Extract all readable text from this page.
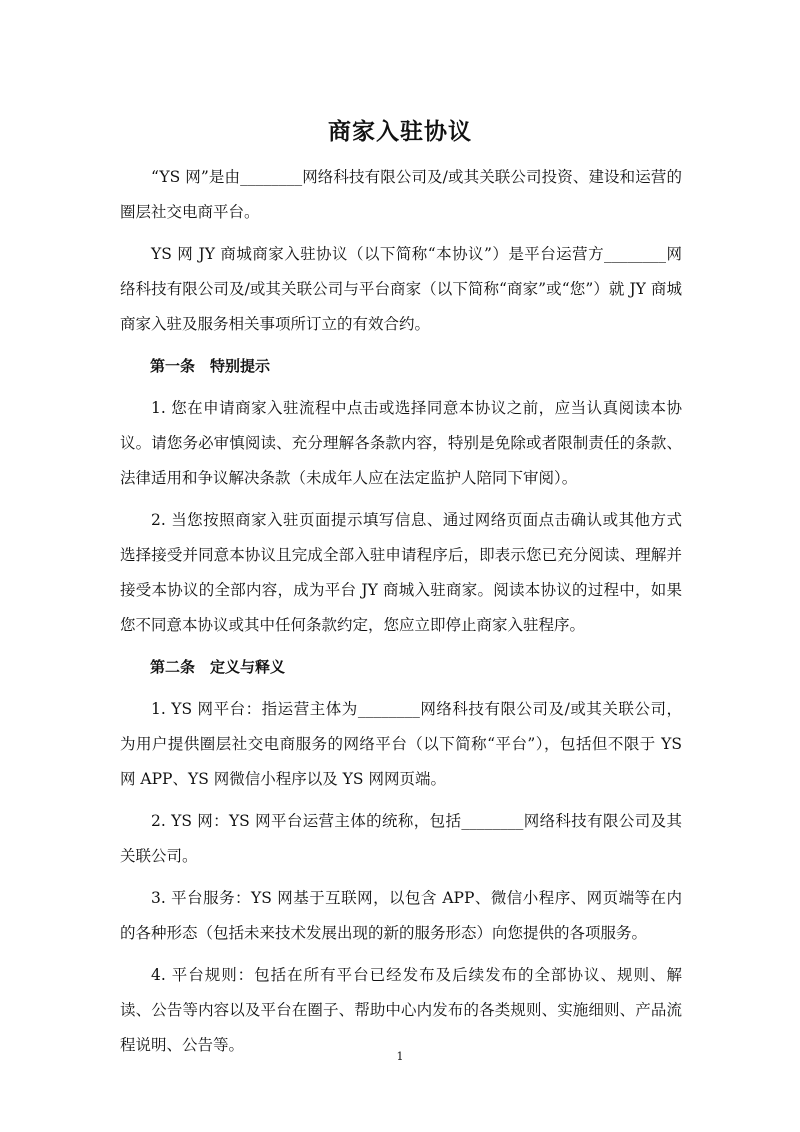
商家入驻协议

“YS 网”是由________网络科技有限公司及/或其关联公司投资、建设和运营的圈层社交电商平台。

YS 网 JY 商城商家入驻协议（以下简称“本协议”）是平台运营方________网络科技有限公司及/或其关联公司与平台商家（以下简称“商家”或“您”）就 JY 商城商家入驻及服务相关事项所订立的有效合约。

第一条　特别提示

1. 您在申请商家入驻流程中点击或选择同意本协议之前，应当认真阅读本协议。请您务必审慎阅读、充分理解各条款内容，特别是免除或者限制责任的条款、法律适用和争议解决条款（未成年人应在法定监护人陪同下审阅）。

2. 当您按照商家入驻页面提示填写信息、通过网络页面点击确认或其他方式选择接受并同意本协议且完成全部入驻申请程序后，即表示您已充分阅读、理解并接受本协议的全部内容，成为平台 JY 商城入驻商家。阅读本协议的过程中，如果您不同意本协议或其中任何条款约定，您应立即停止商家入驻程序。

第二条　定义与释义

1. YS 网平台：指运营主体为________网络科技有限公司及/或其关联公司，为用户提供圈层社交电商服务的网络平台（以下简称“平台”），包括但不限于 YS 网 APP、YS 网微信小程序以及 YS 网网页端。

2. YS 网：YS 网平台运营主体的统称，包括________网络科技有限公司及其关联公司。

3. 平台服务：YS 网基于互联网，以包含 APP、微信小程序、网页端等在内的各种形态（包括未来技术发展出现的新的服务形态）向您提供的各项服务。

4. 平台规则：包括在所有平台已经发布及后续发布的全部协议、规则、解读、公告等内容以及平台在圈子、帮助中心内发布的各类规则、实施细则、产品流程说明、公告等。

1
